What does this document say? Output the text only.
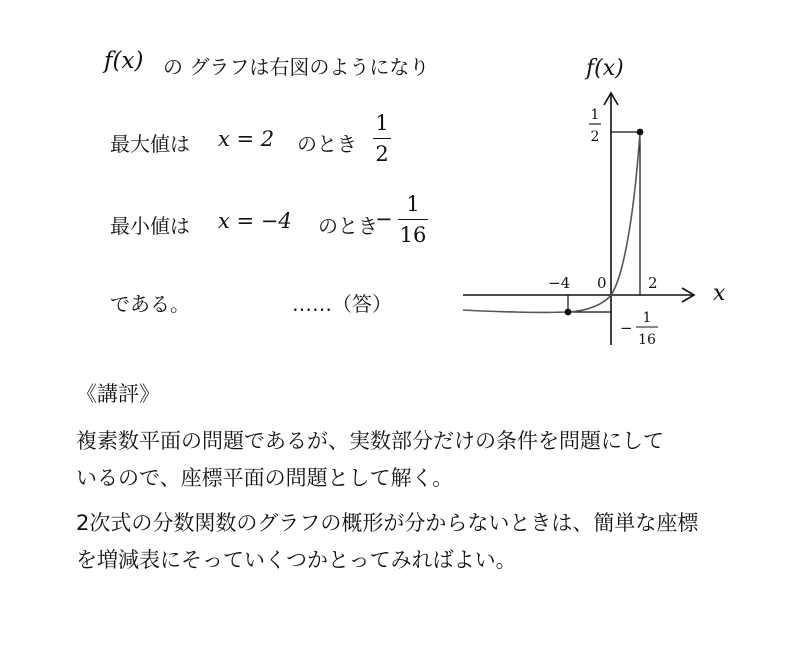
f(x) の グラフは右図のようになり
最大値は x = 2 のとき
1
2
最小値は x = −4 のとき
−
1
16
である。	……（答）
f(x)
x
0
−4	2
1
2
−
1
16
《講評》
複素数平面の問題であるが、実数部分だけの条件を問題にして
いるので、座標平面の問題として解く。
2次式の分数関数のグラフの概形が分からないときは、簡単な座標
を増減表にそっていくつかとってみればよい。
